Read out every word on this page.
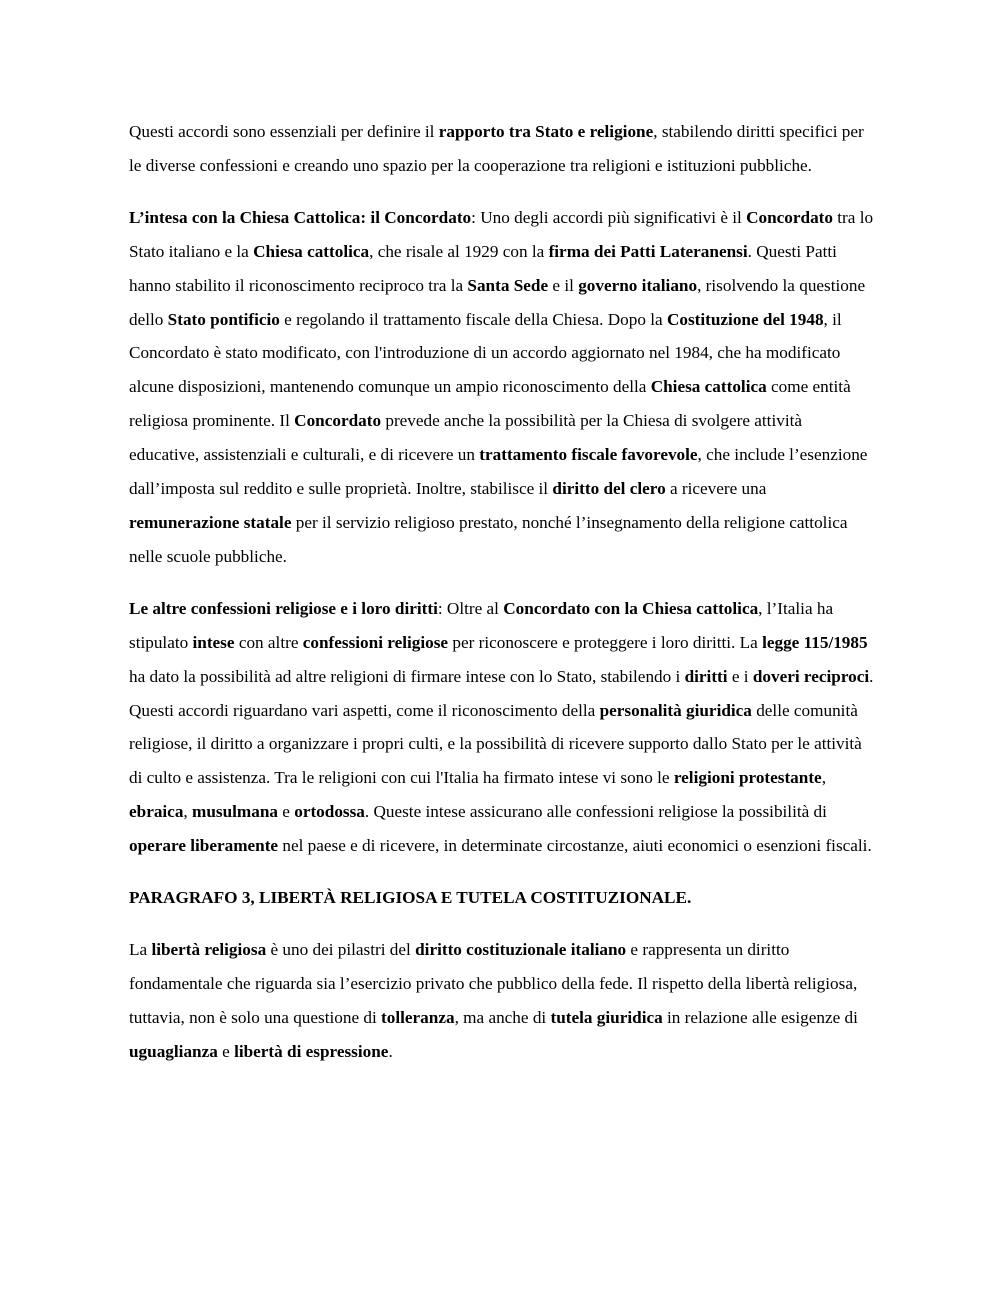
Questi accordi sono essenziali per definire il rapporto tra Stato e religione, stabilendo diritti specifici per le diverse confessioni e creando uno spazio per la cooperazione tra religioni e istituzioni pubbliche.

L’intesa con la Chiesa Cattolica: il Concordato: Uno degli accordi più significativi è il Concordato tra lo Stato italiano e la Chiesa cattolica, che risale al 1929 con la firma dei Patti Lateranensi. Questi Patti hanno stabilito il riconoscimento reciproco tra la Santa Sede e il governo italiano, risolvendo la questione dello Stato pontificio e regolando il trattamento fiscale della Chiesa. Dopo la Costituzione del 1948, il Concordato è stato modificato, con l'introduzione di un accordo aggiornato nel 1984, che ha modificato alcune disposizioni, mantenendo comunque un ampio riconoscimento della Chiesa cattolica come entità religiosa prominente. Il Concordato prevede anche la possibilità per la Chiesa di svolgere attività educative, assistenziali e culturali, e di ricevere un trattamento fiscale favorevole, che include l’esenzione dall’imposta sul reddito e sulle proprietà. Inoltre, stabilisce il diritto del clero a ricevere una remunerazione statale per il servizio religioso prestato, nonché l’insegnamento della religione cattolica nelle scuole pubbliche.

Le altre confessioni religiose e i loro diritti: Oltre al Concordato con la Chiesa cattolica, l’Italia ha stipulato intese con altre confessioni religiose per riconoscere e proteggere i loro diritti. La legge 115/1985 ha dato la possibilità ad altre religioni di firmare intese con lo Stato, stabilendo i diritti e i doveri reciproci. Questi accordi riguardano vari aspetti, come il riconoscimento della personalità giuridica delle comunità religiose, il diritto a organizzare i propri culti, e la possibilità di ricevere supporto dallo Stato per le attività di culto e assistenza. Tra le religioni con cui l'Italia ha firmato intese vi sono le religioni protestante, ebraica, musulmana e ortodossa. Queste intese assicurano alle confessioni religiose la possibilità di operare liberamente nel paese e di ricevere, in determinate circostanze, aiuti economici o esenzioni fiscali.

PARAGRAFO 3, LIBERTÀ RELIGIOSA E TUTELA COSTITUZIONALE.

La libertà religiosa è uno dei pilastri del diritto costituzionale italiano e rappresenta un diritto fondamentale che riguarda sia l’esercizio privato che pubblico della fede. Il rispetto della libertà religiosa, tuttavia, non è solo una questione di tolleranza, ma anche di tutela giuridica in relazione alle esigenze di uguaglianza e libertà di espressione.
